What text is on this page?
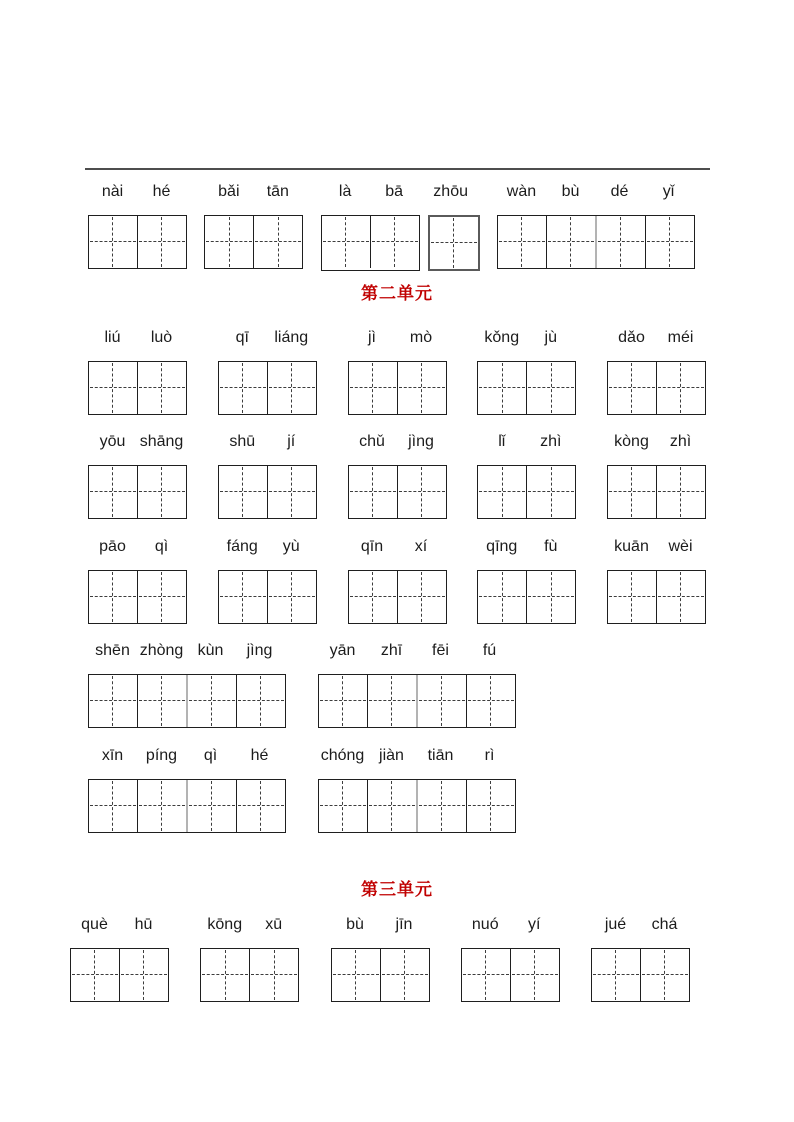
nài	hé	bǎi	tān	là	bā	zhōu	wàn	bù	dé	yǐ
第二单元
liú	luò	qī	liáng	jì	mò	kǒng	jù	dǎo	méi
yōu shāng	shū	jí	chǔ	jìng	lǐ	zhì	kòng	zhì
pāo	qì	fáng	yù	qīn	xí	qīng	fù	kuān	wèi
shēn zhòng kùn	jìng	yān	zhī	fēi	fú
xīn	píng	qì	hé	chóng jiàn	tiān	rì
第三单元
què	hū	kōng	xū	bù	jīn	nuó	yí	jué	chá
